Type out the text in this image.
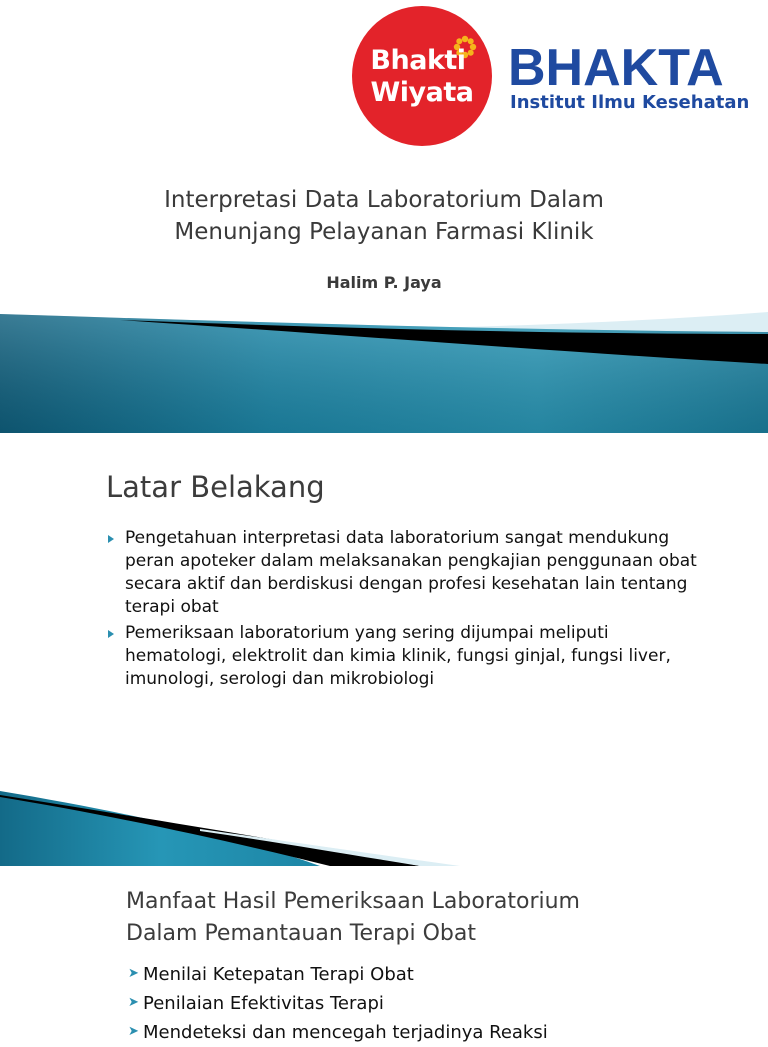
Bhakti
Wiyata BHAKTA
Institut Ilmu Kesehatan
Interpretasi Data Laboratorium Dalam
Menunjang Pelayanan Farmasi Klinik
Halim P. Jaya
Latar Belakang
Pengetahuan interpretasi data laboratorium sangat mendukung peran apoteker dalam melaksanakan pengkajian penggunaan obat secara aktif dan berdiskusi dengan profesi kesehatan lain tentang terapi obat
Pemeriksaan laboratorium yang sering dijumpai meliputi hematologi, elektrolit dan kimia klinik, fungsi ginjal, fungsi liver, imunologi, serologi dan mikrobiologi
Manfaat Hasil Pemeriksaan Laboratorium
Dalam Pemantauan Terapi Obat
➤ Menilai Ketepatan Terapi Obat
➤ Penilaian Efektivitas Terapi
➤ Mendeteksi dan mencegah terjadinya Reaksi
